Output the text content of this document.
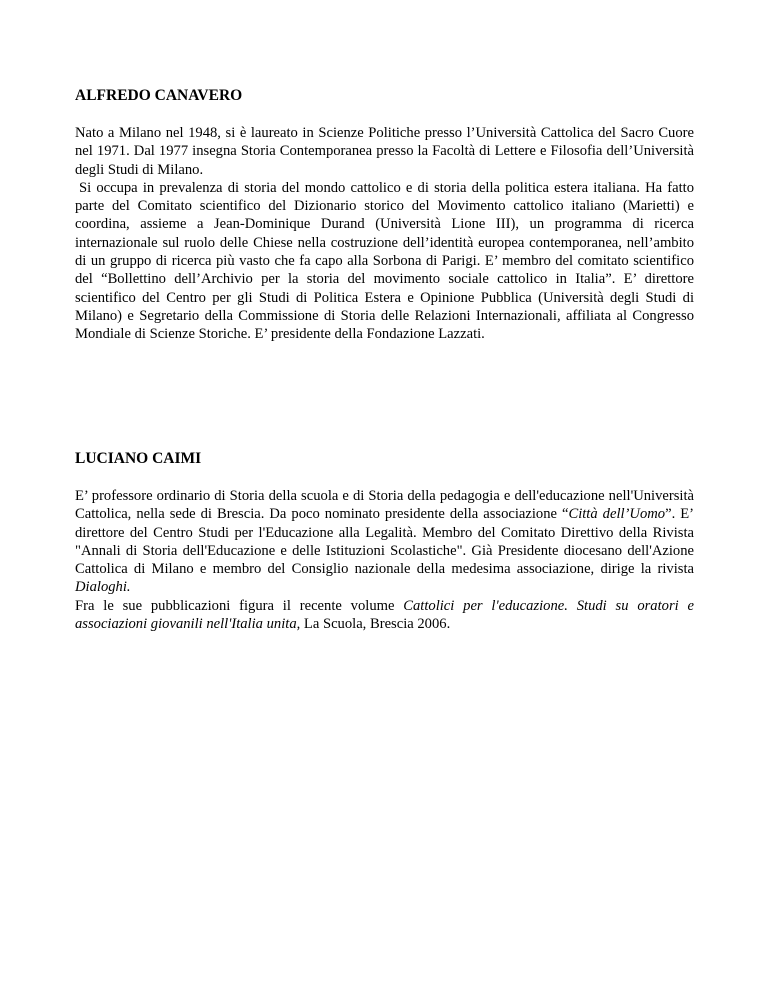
ALFREDO CANAVERO

Nato a Milano nel 1948, si è laureato in Scienze Politiche presso l’Università Cattolica del Sacro Cuore nel 1971. Dal 1977 insegna Storia Contemporanea presso la Facoltà di Lettere e Filosofia dell’Università degli Studi di Milano.

Si occupa in prevalenza di storia del mondo cattolico e di storia della politica estera italiana. Ha fatto parte del Comitato scientifico del Dizionario storico del Movimento cattolico italiano (Marietti) e coordina, assieme a Jean-Dominique Durand (Università Lione III), un programma di ricerca internazionale sul ruolo delle Chiese nella costruzione dell’identità europea contemporanea, nell’ambito di un gruppo di ricerca più vasto che fa capo alla Sorbona di Parigi. E’ membro del comitato scientifico del “Bollettino dell’Archivio per la storia del movimento sociale cattolico in Italia”. E’ direttore scientifico del Centro per gli Studi di Politica Estera e Opinione Pubblica (Università degli Studi di Milano) e Segretario della Commissione di Storia delle Relazioni Internazionali, affiliata al Congresso Mondiale di Scienze Storiche. E’ presidente della Fondazione Lazzati.

LUCIANO CAIMI

E’ professore ordinario di Storia della scuola e di Storia della pedagogia e dell'educazione nell'Università Cattolica, nella sede di Brescia. Da poco nominato presidente della associazione “Città dell’Uomo”. E’ direttore del Centro Studi per l'Educazione alla Legalità. Membro del Comitato Direttivo della Rivista "Annali di Storia dell'Educazione e delle Istituzioni Scolastiche". Già Presidente diocesano dell'Azione Cattolica di Milano e membro del Consiglio nazionale della medesima associazione, dirige la rivista Dialoghi.

Fra le sue pubblicazioni figura il recente volume Cattolici per l'educazione. Studi su oratori e associazioni giovanili nell'Italia unita, La Scuola, Brescia 2006.
